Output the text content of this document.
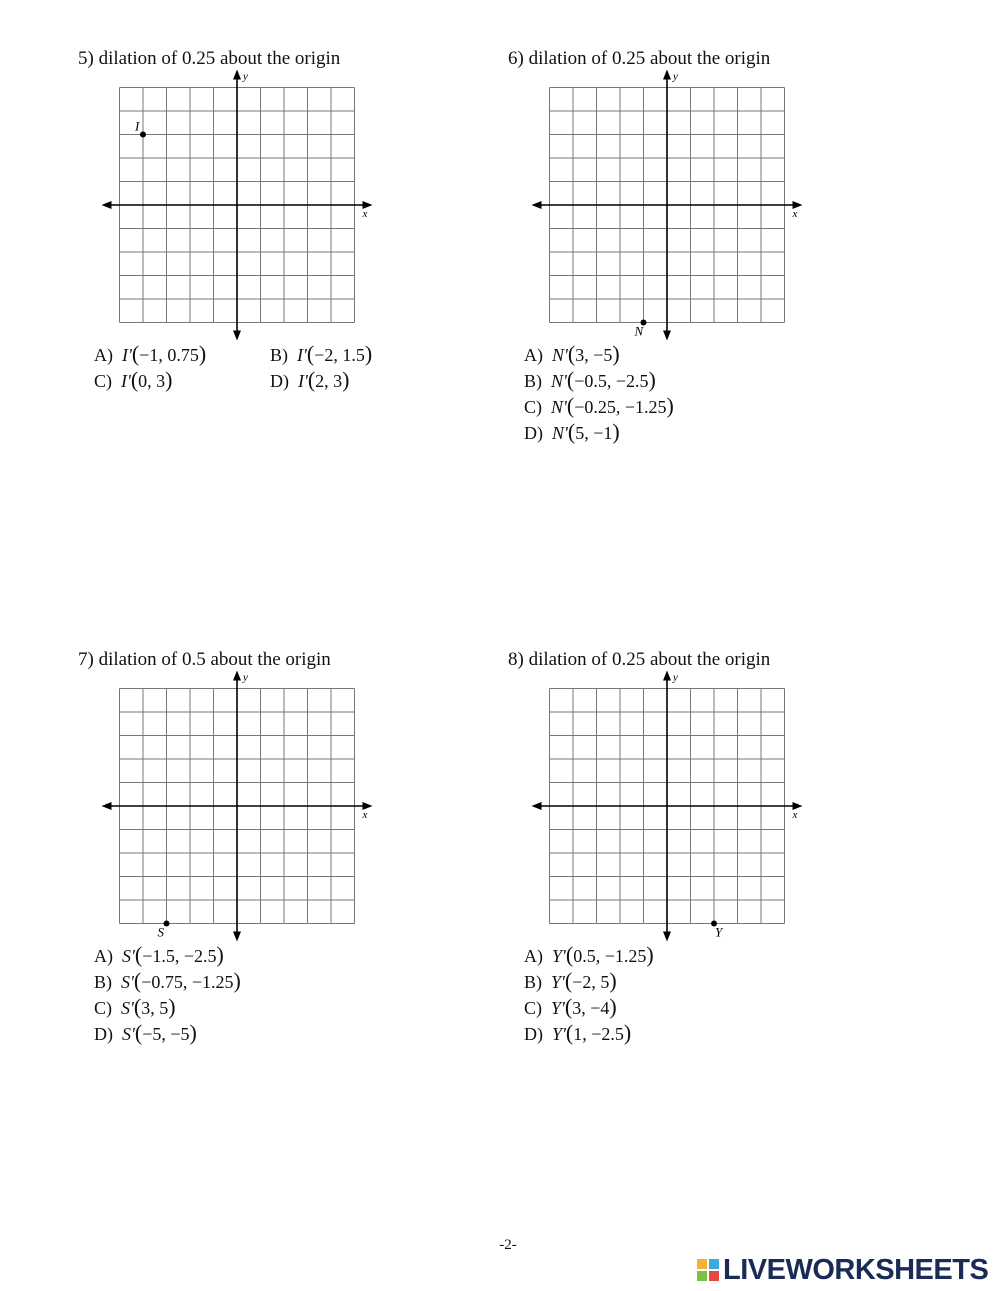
5) dilation of 0.25 about the origin
x
y
I
A) I'(−1, 0.75)	B) I'(−2, 1.5)
C) I'(0, 3)	D) I'(2, 3)
6) dilation of 0.25 about the origin
x
y
N
A) N'(3, −5)
B) N'(−0.5, −2.5)
C) N'(−0.25, −1.25)
D) N'(5, −1)
7) dilation of 0.5 about the origin
x
y
S
A) S'(−1.5, −2.5)
B) S'(−0.75, −1.25)
C) S'(3, 5)
D) S'(−5, −5)
8) dilation of 0.25 about the origin
x
y
Y
A) Y'(0.5, −1.25)
B) Y'(−2, 5)
C) Y'(3, −4)
D) Y'(1, −2.5)
-2-
LIVEWORKSHEETS
